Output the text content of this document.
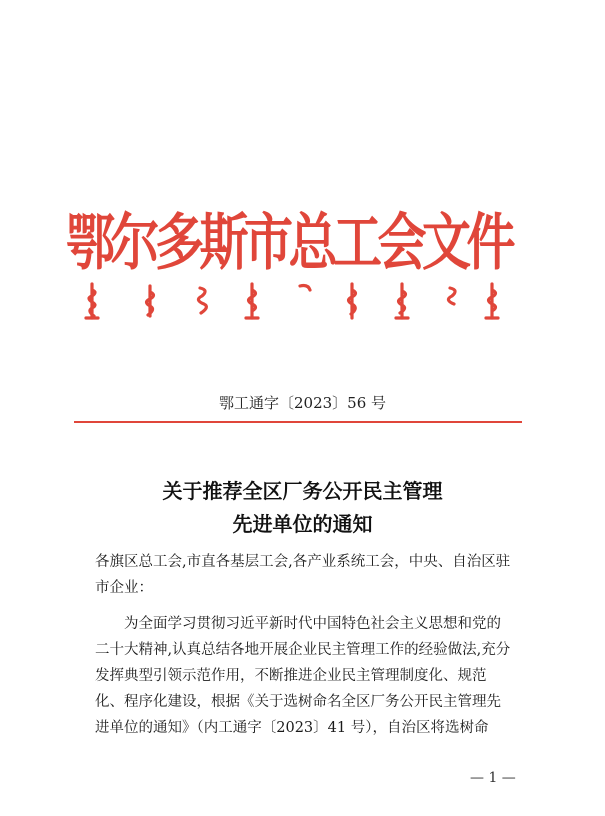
鄂尔多斯市总工会文件
鄂工通字〔2023〕56 号
关于推荐全区厂务公开民主管理
先进单位的通知
各旗区总工会,市直各基层工会,各产业系统工会，中央、自治区驻市企业：
为全面学习贯彻习近平新时代中国特色社会主义思想和党的二十大精神,认真总结各地开展企业民主管理工作的经验做法,充分发挥典型引领示范作用，不断推进企业民主管理制度化、规范化、程序化建设，根据《关于选树命名全区厂务公开民主管理先进单位的通知》（内工通字〔2023〕41 号），自治区将选树命
— 1 —
